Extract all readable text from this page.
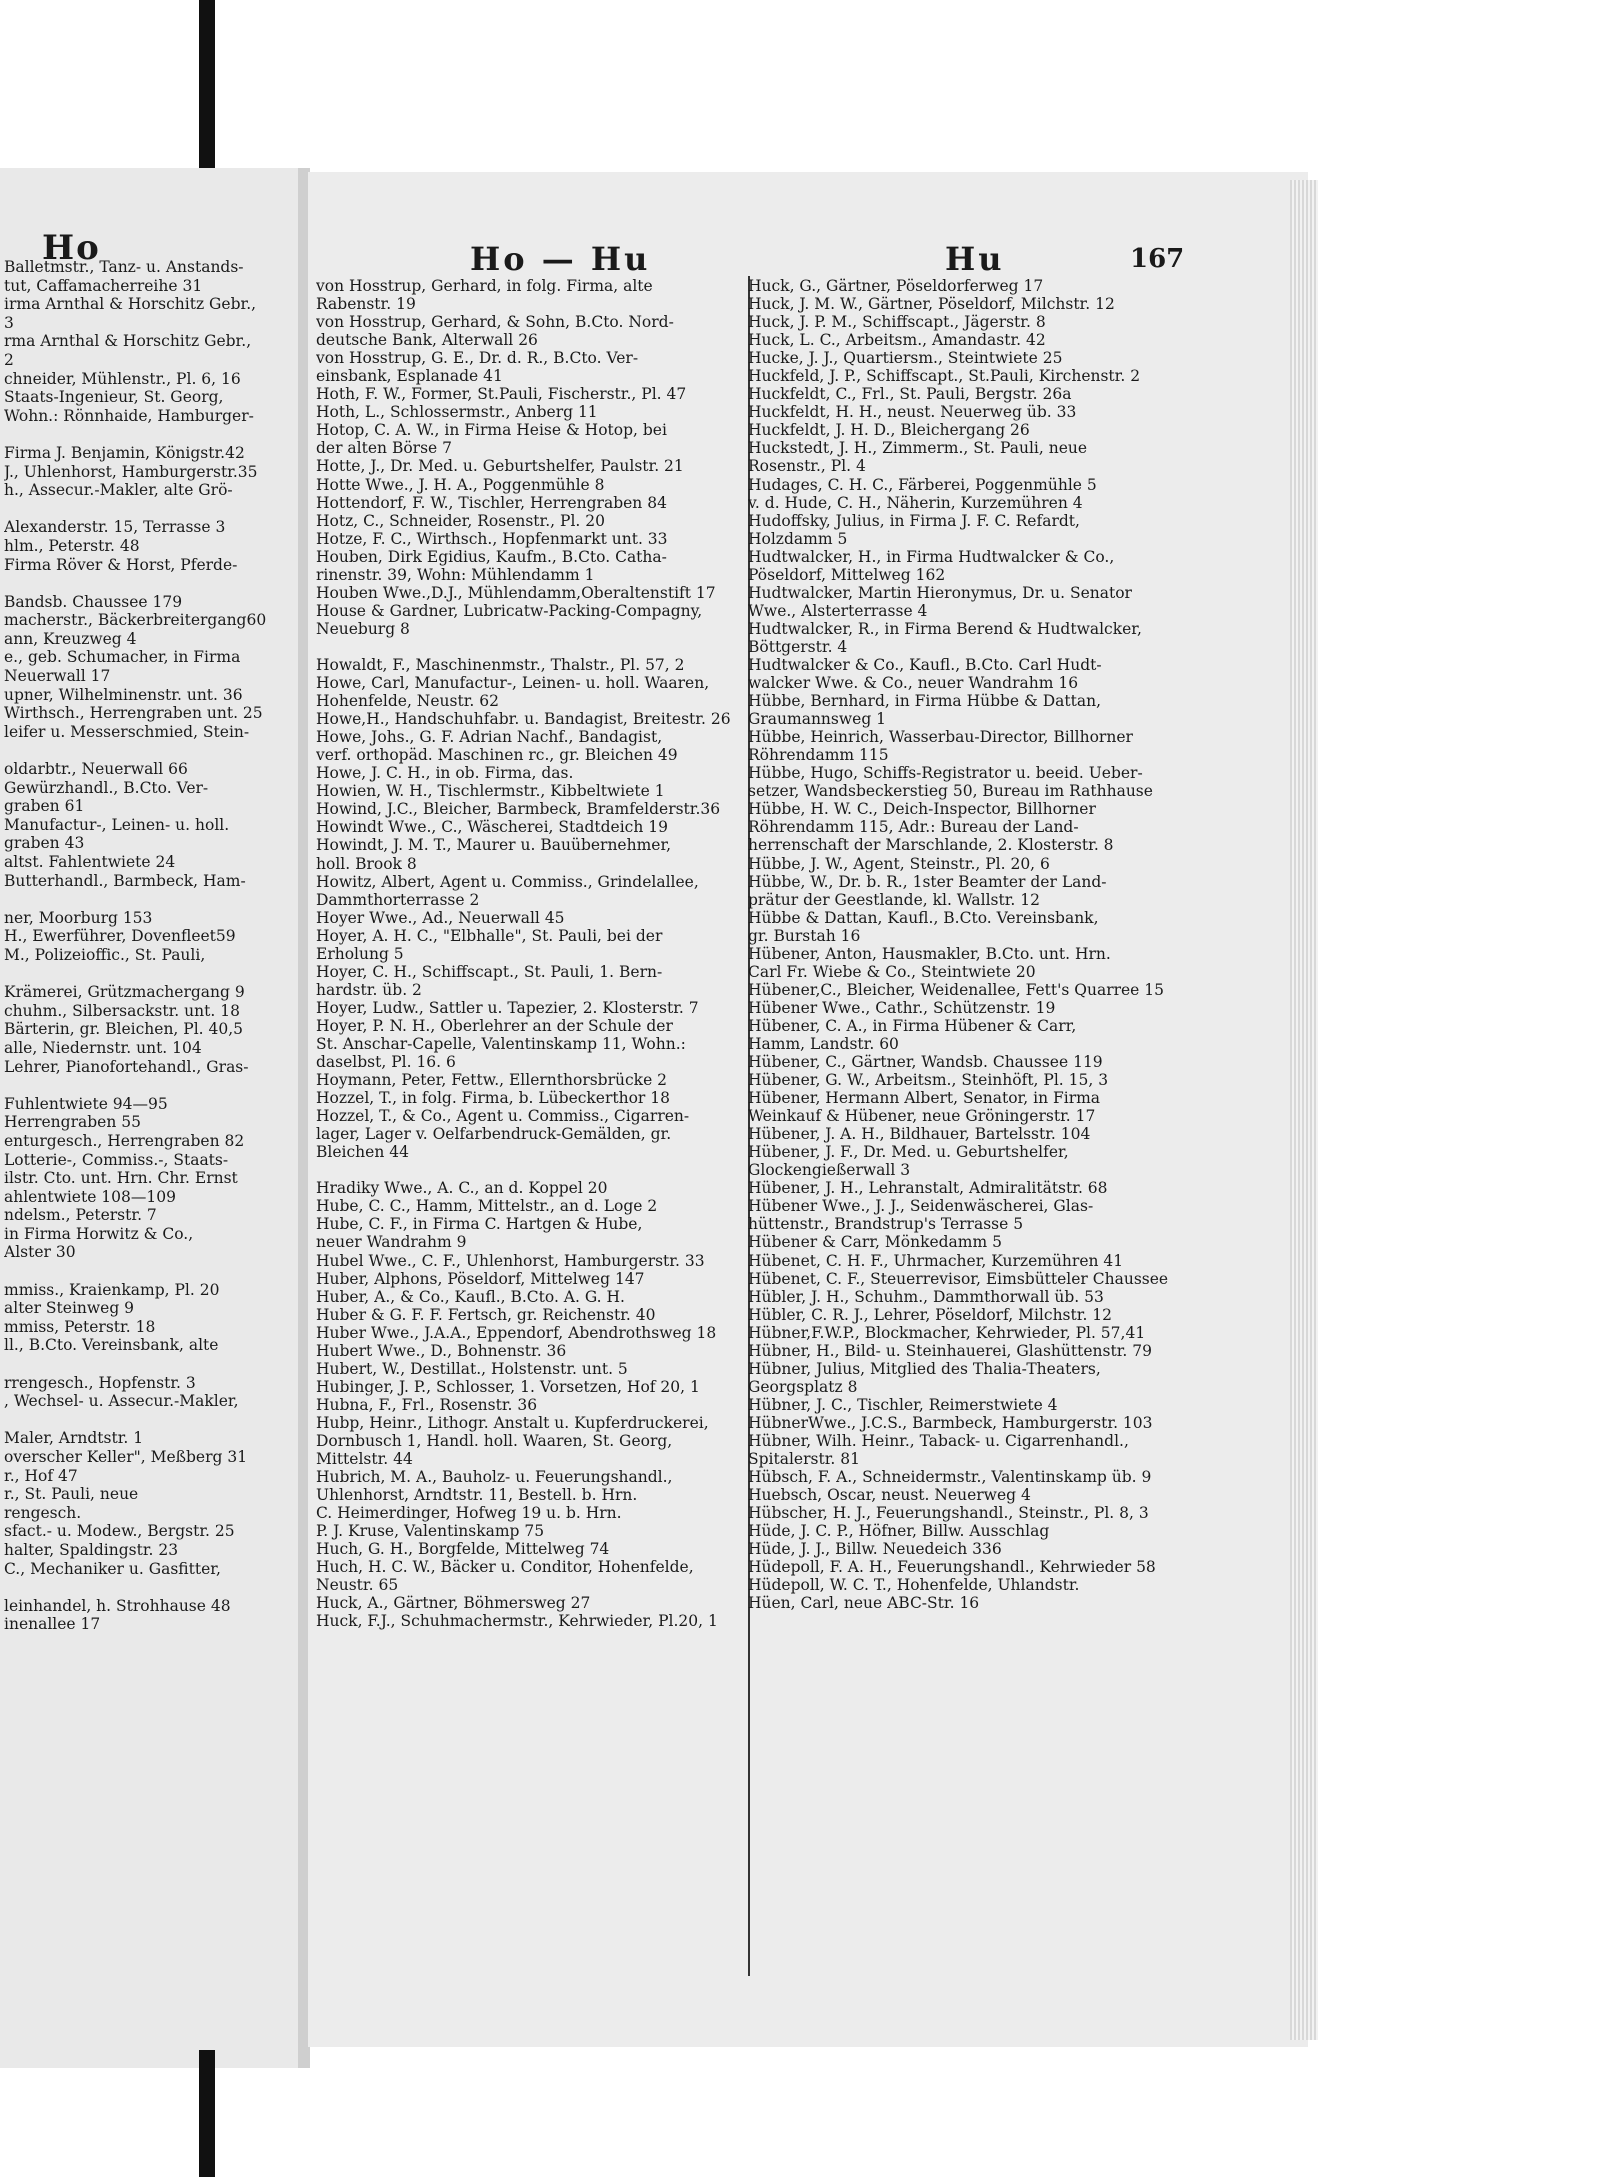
Ho
Balletmstr., Tanz- u. Anstands-
tut, Caffamacherreihe 31
irma Arnthal & Horschitz Gebr.,
3
rma Arnthal & Horschitz Gebr.,
2
chneider, Mühlenstr., Pl. 6, 16
Staats-Ingenieur, St. Georg,
Wohn.: Rönnhaide, Hamburger-
Firma J. Benjamin, Königstr.42
J., Uhlenhorst, Hamburgerstr.35
h., Assecur.-Makler, alte Grö-
Alexanderstr. 15, Terrasse 3
hlm., Peterstr. 48
Firma Röver & Horst, Pferde-
Bandsb. Chaussee 179
macherstr., Bäckerbreitergang60
ann, Kreuzweg 4
e., geb. Schumacher, in Firma
Neuerwall 17
upner, Wilhelminenstr. unt. 36
Wirthsch., Herrengraben unt. 25
leifer u. Messerschmied, Stein-
oldarbtr., Neuerwall 66
Gewürzhandl., B.Cto. Ver-
graben 61
Manufactur-, Leinen- u. holl.
graben 43
altst. Fahlentwiete 24
Butterhandl., Barmbeck, Ham-
ner, Moorburg 153
H., Ewerführer, Dovenfleet59
M., Polizeioffic., St. Pauli,
Krämerei, Grützmachergang 9
chuhm., Silbersackstr. unt. 18
Bärterin, gr. Bleichen, Pl. 40,5
alle, Niedernstr. unt. 104
Lehrer, Pianofortehandl., Gras-
Fuhlentwiete 94—95
Herrengraben 55
enturgesch., Herrengraben 82
Lotterie-, Commiss.-, Staats-
ilstr. Cto. unt. Hrn. Chr. Ernst
ahlentwiete 108—109
ndelsm., Peterstr. 7
in Firma Horwitz & Co.,
Alster 30
mmiss., Kraienkamp, Pl. 20
alter Steinweg 9
mmiss, Peterstr. 18
ll., B.Cto. Vereinsbank, alte
rrengesch., Hopfenstr. 3
, Wechsel- u. Assecur.-Makler,
Maler, Arndtstr. 1
overscher Keller", Meßberg 31
r., Hof 47
r., St. Pauli, neue
rengesch.
sfact.- u. Modew., Bergstr. 25
halter, Spaldingstr. 23
C., Mechaniker u. Gasfitter,
leinhandel, h. Strohhause 48
inenallee 17
Ho — Hu	Hu	167
von Hosstrup, Gerhard, in folg. Firma, alte
Rabenstr. 19
von Hosstrup, Gerhard, & Sohn, B.Cto. Nord-
deutsche Bank, Alterwall 26
von Hosstrup, G. E., Dr. d. R., B.Cto. Ver-
einsbank, Esplanade 41
Hoth, F. W., Former, St.Pauli, Fischerstr., Pl. 47
Hoth, L., Schlossermstr., Anberg 11
Hotop, C. A. W., in Firma Heise & Hotop, bei
der alten Börse 7
Hotte, J., Dr. Med. u. Geburtshelfer, Paulstr. 21
Hotte Wwe., J. H. A., Poggenmühle 8
Hottendorf, F. W., Tischler, Herrengraben 84
Hotz, C., Schneider, Rosenstr., Pl. 20
Hotze, F. C., Wirthsch., Hopfenmarkt unt. 33
Houben, Dirk Egidius, Kaufm., B.Cto. Catha-
rinenstr. 39, Wohn: Mühlendamm 1
Houben Wwe.,D.J., Mühlendamm,Oberaltenstift 17
House & Gardner, Lubricatw-Packing-Compagny,
Neueburg 8
Howaldt, F., Maschinenmstr., Thalstr., Pl. 57, 2
Howe, Carl, Manufactur-, Leinen- u. holl. Waaren,
Hohenfelde, Neustr. 62
Howe,H., Handschuhfabr. u. Bandagist, Breitestr. 26
Howe, Johs., G. F. Adrian Nachf., Bandagist,
verf. orthopäd. Maschinen rc., gr. Bleichen 49
Howe, J. C. H., in ob. Firma, das.
Howien, W. H., Tischlermstr., Kibbeltwiete 1
Howind, J.C., Bleicher, Barmbeck, Bramfelderstr.36
Howindt Wwe., C., Wäscherei, Stadtdeich 19
Howindt, J. M. T., Maurer u. Bauübernehmer,
holl. Brook 8
Howitz, Albert, Agent u. Commiss., Grindelallee,
Dammthorterrasse 2
Hoyer Wwe., Ad., Neuerwall 45
Hoyer, A. H. C., "Elbhalle", St. Pauli, bei der
Erholung 5
Hoyer, C. H., Schiffscapt., St. Pauli, 1. Bern-
hardstr. üb. 2
Hoyer, Ludw., Sattler u. Tapezier, 2. Klosterstr. 7
Hoyer, P. N. H., Oberlehrer an der Schule der
St. Anschar-Capelle, Valentinskamp 11, Wohn.:
daselbst, Pl. 16. 6
Hoymann, Peter, Fettw., Ellernthorsbrücke 2
Hozzel, T., in folg. Firma, b. Lübeckerthor 18
Hozzel, T., & Co., Agent u. Commiss., Cigarren-
lager, Lager v. Oelfarbendruck-Gemälden, gr.
Bleichen 44
Hradiky Wwe., A. C., an d. Koppel 20
Hube, C. C., Hamm, Mittelstr., an d. Loge 2
Hube, C. F., in Firma C. Hartgen & Hube,
neuer Wandrahm 9
Hubel Wwe., C. F., Uhlenhorst, Hamburgerstr. 33
Huber, Alphons, Pöseldorf, Mittelweg 147
Huber, A., & Co., Kaufl., B.Cto. A. G. H.
Huber & G. F. F. Fertsch, gr. Reichenstr. 40
Huber Wwe., J.A.A., Eppendorf, Abendrothsweg 18
Hubert Wwe., D., Bohnenstr. 36
Hubert, W., Destillat., Holstenstr. unt. 5
Hubinger, J. P., Schlosser, 1. Vorsetzen, Hof 20, 1
Hubna, F., Frl., Rosenstr. 36
Hubp, Heinr., Lithogr. Anstalt u. Kupferdruckerei,
Dornbusch 1, Handl. holl. Waaren, St. Georg,
Mittelstr. 44
Hubrich, M. A., Bauholz- u. Feuerungshandl.,
Uhlenhorst, Arndtstr. 11, Bestell. b. Hrn.
C. Heimerdinger, Hofweg 19 u. b. Hrn.
P. J. Kruse, Valentinskamp 75
Huch, G. H., Borgfelde, Mittelweg 74
Huch, H. C. W., Bäcker u. Conditor, Hohenfelde,
Neustr. 65
Huck, A., Gärtner, Böhmersweg 27
Huck, F.J., Schuhmachermstr., Kehrwieder, Pl.20, 1
Huck, G., Gärtner, Pöseldorferweg 17
Huck, J. M. W., Gärtner, Pöseldorf, Milchstr. 12
Huck, J. P. M., Schiffscapt., Jägerstr. 8
Huck, L. C., Arbeitsm., Amandastr. 42
Hucke, J. J., Quartiersm., Steintwiete 25
Huckfeld, J. P., Schiffscapt., St.Pauli, Kirchenstr. 2
Huckfeldt, C., Frl., St. Pauli, Bergstr. 26a
Huckfeldt, H. H., neust. Neuerweg üb. 33
Huckfeldt, J. H. D., Bleichergang 26
Huckstedt, J. H., Zimmerm., St. Pauli, neue
Rosenstr., Pl. 4
Hudages, C. H. C., Färberei, Poggenmühle 5
v. d. Hude, C. H., Näherin, Kurzemühren 4
Hudoffsky, Julius, in Firma J. F. C. Refardt,
Holzdamm 5
Hudtwalcker, H., in Firma Hudtwalcker & Co.,
Pöseldorf, Mittelweg 162
Hudtwalcker, Martin Hieronymus, Dr. u. Senator
Wwe., Alsterterrasse 4
Hudtwalcker, R., in Firma Berend & Hudtwalcker,
Böttgerstr. 4
Hudtwalcker & Co., Kaufl., B.Cto. Carl Hudt-
walcker Wwe. & Co., neuer Wandrahm 16
Hübbe, Bernhard, in Firma Hübbe & Dattan,
Graumannsweg 1
Hübbe, Heinrich, Wasserbau-Director, Billhorner
Röhrendamm 115
Hübbe, Hugo, Schiffs-Registrator u. beeid. Ueber-
setzer, Wandsbeckerstieg 50, Bureau im Rathhause
Hübbe, H. W. C., Deich-Inspector, Billhorner
Röhrendamm 115, Adr.: Bureau der Land-
herrenschaft der Marschlande, 2. Klosterstr. 8
Hübbe, J. W., Agent, Steinstr., Pl. 20, 6
Hübbe, W., Dr. b. R., 1ster Beamter der Land-
prätur der Geestlande, kl. Wallstr. 12
Hübbe & Dattan, Kaufl., B.Cto. Vereinsbank,
gr. Burstah 16
Hübener, Anton, Hausmakler, B.Cto. unt. Hrn.
Carl Fr. Wiebe & Co., Steintwiete 20
Hübener,C., Bleicher, Weidenallee, Fett's Quarree 15
Hübener Wwe., Cathr., Schützenstr. 19
Hübener, C. A., in Firma Hübener & Carr,
Hamm, Landstr. 60
Hübener, C., Gärtner, Wandsb. Chaussee 119
Hübener, G. W., Arbeitsm., Steinhöft, Pl. 15, 3
Hübener, Hermann Albert, Senator, in Firma
Weinkauf & Hübener, neue Gröningerstr. 17
Hübener, J. A. H., Bildhauer, Bartelsstr. 104
Hübener, J. F., Dr. Med. u. Geburtshelfer,
Glockengießerwall 3
Hübener, J. H., Lehranstalt, Admiralitätstr. 68
Hübener Wwe., J. J., Seidenwäscherei, Glas-
hüttenstr., Brandstrup's Terrasse 5
Hübener & Carr, Mönkedamm 5
Hübenet, C. H. F., Uhrmacher, Kurzemühren 41
Hübenet, C. F., Steuerrevisor, Eimsbütteler Chaussee
Hübler, J. H., Schuhm., Dammthorwall üb. 53
Hübler, C. R. J., Lehrer, Pöseldorf, Milchstr. 12
Hübner,F.W.P., Blockmacher, Kehrwieder, Pl. 57,41
Hübner, H., Bild- u. Steinhauerei, Glashüttenstr. 79
Hübner, Julius, Mitglied des Thalia-Theaters,
Georgsplatz 8
Hübner, J. C., Tischler, Reimerstwiete 4
HübnerWwe., J.C.S., Barmbeck, Hamburgerstr. 103
Hübner, Wilh. Heinr., Taback- u. Cigarrenhandl.,
Spitalerstr. 81
Hübsch, F. A., Schneidermstr., Valentinskamp üb. 9
Huebsch, Oscar, neust. Neuerweg 4
Hübscher, H. J., Feuerungshandl., Steinstr., Pl. 8, 3
Hüde, J. C. P., Höfner, Billw. Ausschlag
Hüde, J. J., Billw. Neuedeich 336
Hüdepoll, F. A. H., Feuerungshandl., Kehrwieder 58
Hüdepoll, W. C. T., Hohenfelde, Uhlandstr.
Hüen, Carl, neue ABC-Str. 16
